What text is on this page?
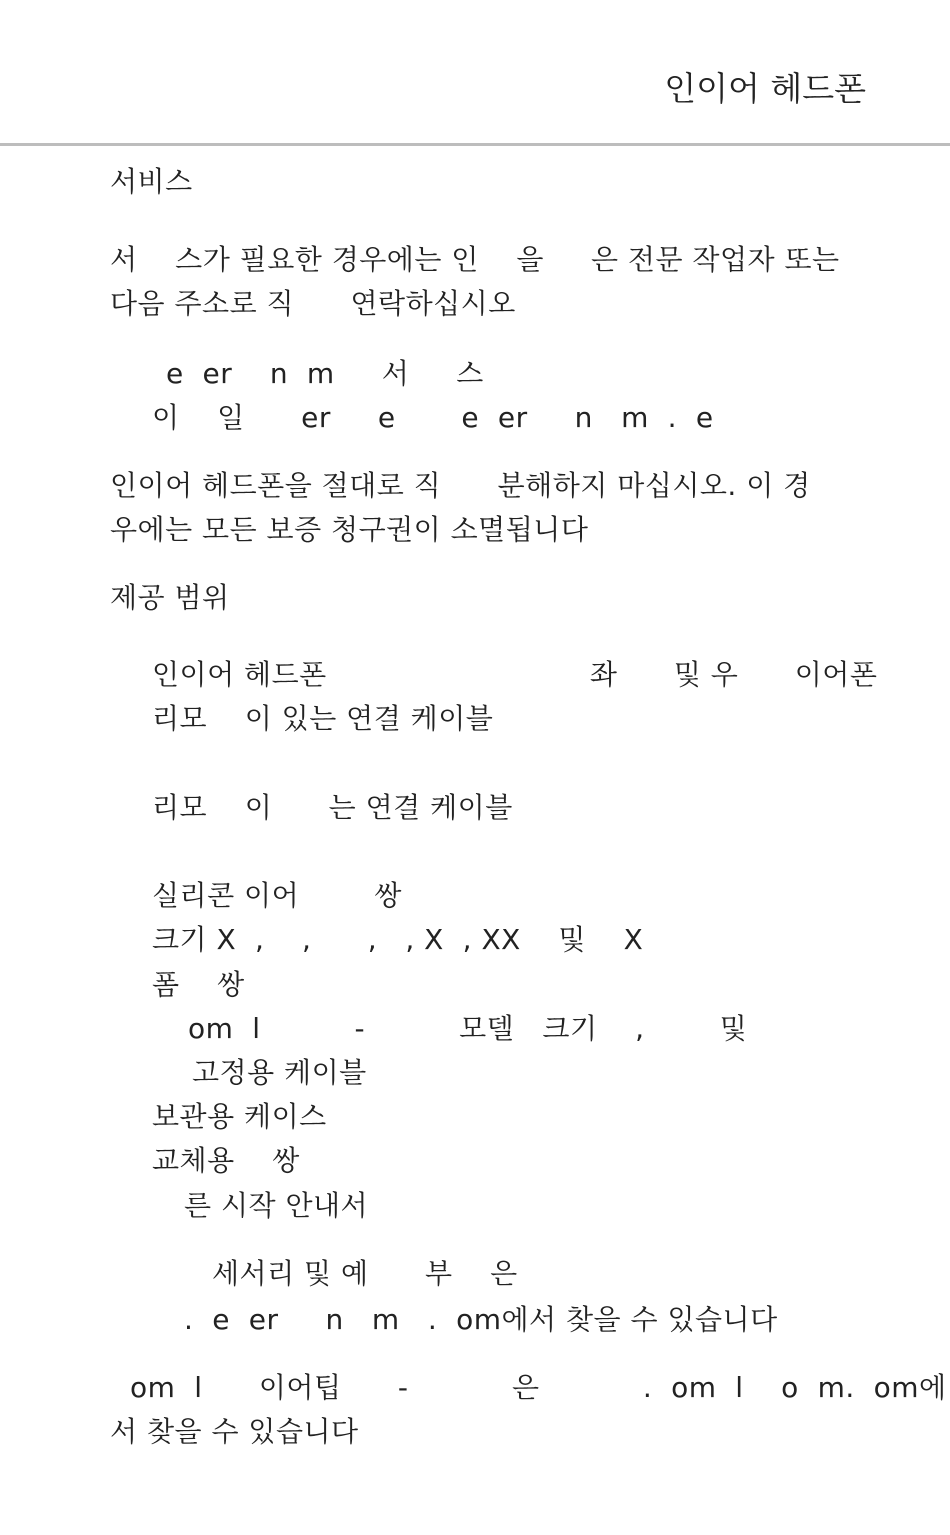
인이어 헤드폰
서비스
서    스가 필요한 경우에는 인    을     은 전문 작업자 또는
다음 주소로 직      연락하십시오
e  er    n  m     서     스
이    일      er     e       e  er     n   m  .  e
인이어 헤드폰을 절대로 직      분해하지 마십시오. 이 경
우에는 모든 보증 청구권이 소멸됩니다
제공 범위
인이어 헤드폰                            좌      및 우      이어폰
리모    이 있는 연결 케이블
리모    이      는 연결 케이블
실리콘 이어        쌍
크기 X  ,    ,      ,   , X  , XX    및    X
폼    쌍
om  l          -          모델   크기    ,        및
고정용 케이블
보관용 케이스
교체용    쌍
른 시작 안내서
세서리 및 예      부    은
.  e  er     n   m   .  om에서 찾을 수 있습니다
om  l      이어팁      -           은           .  om  l    o  m.  om에
서 찾을 수 있습니다
